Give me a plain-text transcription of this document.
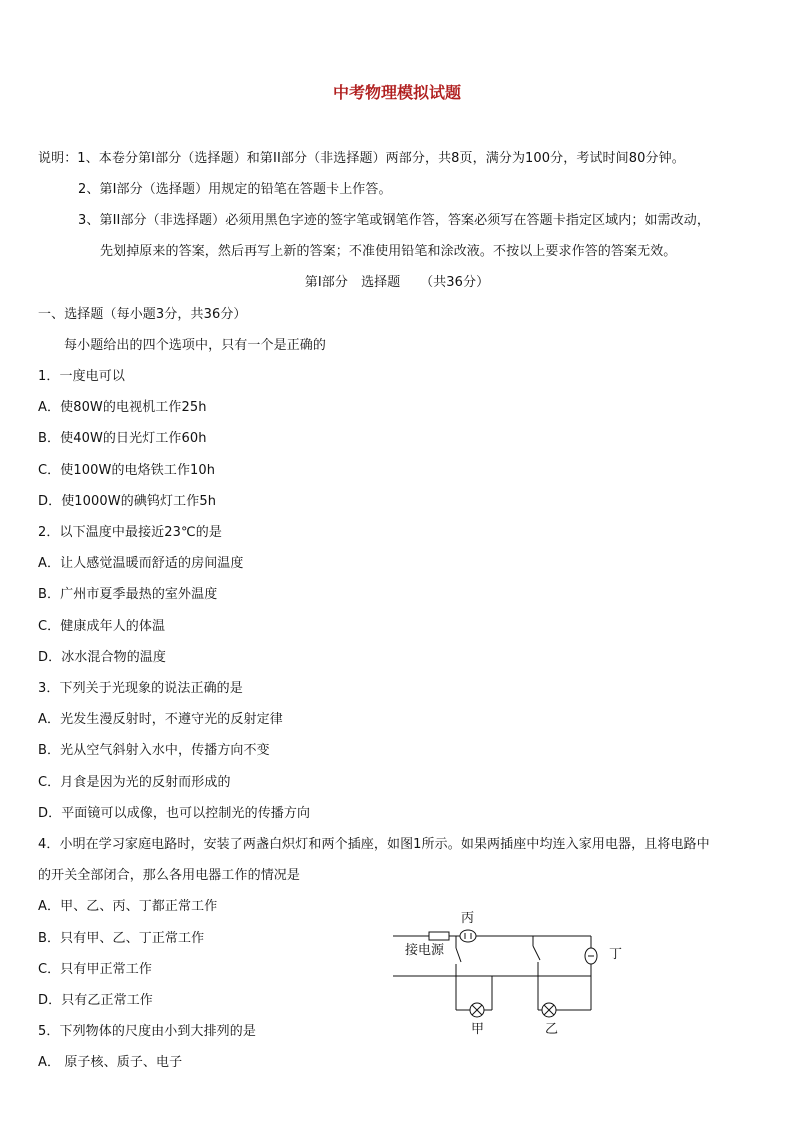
中考物理模拟试题
说明：1、本卷分第Ⅰ部分（选择题）和第II部分（非选择题）两部分，共8页，满分为100分，考试时间80分钟。
2、第Ⅰ部分（选择题）用规定的铅笔在答题卡上作答。
3、第II部分（非选择题）必须用黑色字迹的签字笔或钢笔作答，答案必须写在答题卡指定区域内；如需改动，
先划掉原来的答案，然后再写上新的答案；不准使用铅笔和涂改液。不按以上要求作答的答案无效。
第Ⅰ部分　选择题　　（共36分）
一、选择题（每小题3分，共36分）
每小题给出的四个选项中，只有一个是正确的
1．一度电可以
A．使80W的电视机工作25h
B．使40W的日光灯工作60h
C．使100W的电烙铁工作10h
D．使1000W的碘钨灯工作5h
2．以下温度中最接近23℃的是
A．让人感觉温暖而舒适的房间温度
B．广州市夏季最热的室外温度
C．健康成年人的体温
D．冰水混合物的温度
3．下列关于光现象的说法正确的是
A．光发生漫反射时，不遵守光的反射定律
B．光从空气斜射入水中，传播方向不变
C．月食是因为光的反射而形成的
D．平面镜可以成像，也可以控制光的传播方向
4．小明在学习家庭电路时，安装了两盏白炽灯和两个插座，如图1所示。如果两插座中均连入家用电器，且将电路中
的开关全部闭合，那么各用电器工作的情况是
A．甲、乙、丙、丁都正常工作
B．只有甲、乙、丁正常工作
C．只有甲正常工作
D．只有乙正常工作
5．下列物体的尺度由小到大排列的是
A． 原子核、质子、电子
接电源
丙
丁
甲	乙
